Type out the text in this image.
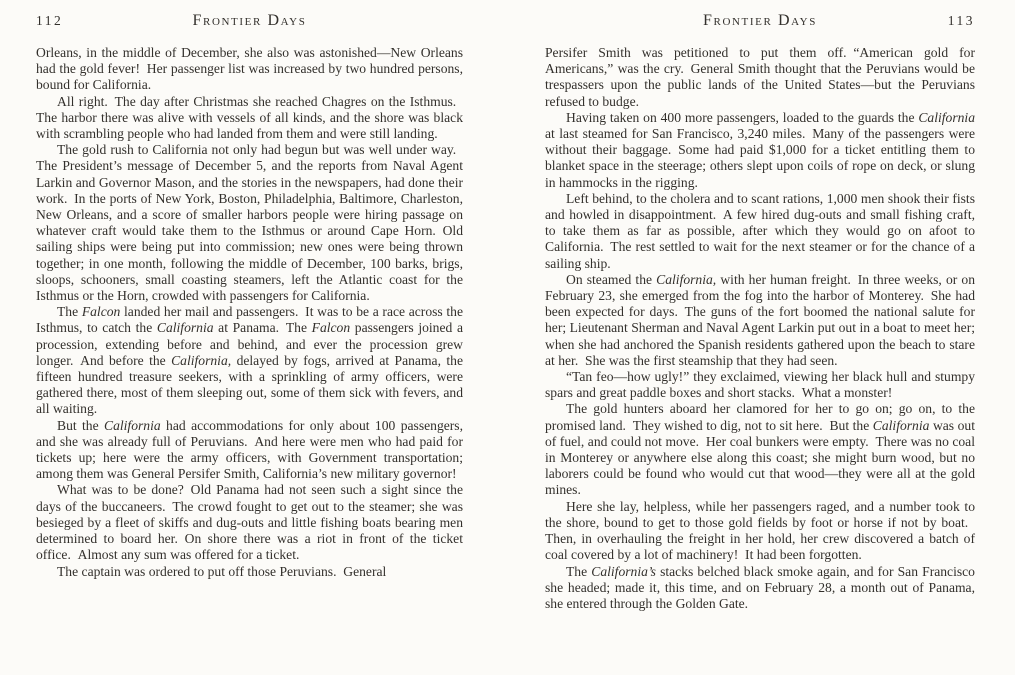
112	Frontier Days

Orleans, in the middle of December, she also was astonished—New Orleans had the gold fever! Her passenger list was increased by two hundred persons, bound for California.

All right. The day after Christmas she reached Chagres on the Isthmus. The harbor there was alive with vessels of all kinds, and the shore was black with scrambling people who had landed from them and were still landing.

The gold rush to California not only had begun but was well under way. The President’s message of December 5, and the reports from Naval Agent Larkin and Governor Mason, and the stories in the newspapers, had done their work. In the ports of New York, Boston, Philadelphia, Baltimore, Charleston, New Orleans, and a score of smaller harbors people were hiring passage on whatever craft would take them to the Isthmus or around Cape Horn. Old sailing ships were being put into commission; new ones were being thrown together; in one month, following the middle of December, 100 barks, brigs, sloops, schooners, small coasting steamers, left the Atlantic coast for the Isthmus or the Horn, crowded with passengers for California.

The Falcon landed her mail and passengers. It was to be a race across the Isthmus, to catch the California at Panama. The Falcon passengers joined a procession, extending before and behind, and ever the procession grew longer. And before the California, delayed by fogs, arrived at Panama, the fifteen hundred treasure seekers, with a sprinkling of army officers, were gathered there, most of them sleeping out, some of them sick with fevers, and all waiting.

But the California had accommodations for only about 100 passengers, and she was already full of Peruvians. And here were men who had paid for tickets up; here were the army officers, with Government transportation; among them was General Persifer Smith, California’s new military governor!

What was to be done? Old Panama had not seen such a sight since the days of the buccaneers. The crowd fought to get out to the steamer; she was besieged by a fleet of skiffs and dug-outs and little fishing boats bearing men determined to board her. On shore there was a riot in front of the ticket office. Almost any sum was offered for a ticket.

The captain was ordered to put off those Peruvians. General

Frontier Days	113

Persifer Smith was petitioned to put them off. “American gold for Americans,” was the cry. General Smith thought that the Peruvians would be trespassers upon the public lands of the United States—but the Peruvians refused to budge.

Having taken on 400 more passengers, loaded to the guards the California at last steamed for San Francisco, 3,240 miles. Many of the passengers were without their baggage. Some had paid $1,000 for a ticket entitling them to blanket space in the steerage; others slept upon coils of rope on deck, or slung in hammocks in the rigging.

Left behind, to the cholera and to scant rations, 1,000 men shook their fists and howled in disappointment. A few hired dug-outs and small fishing craft, to take them as far as possible, after which they would go on afoot to California. The rest settled to wait for the next steamer or for the chance of a sailing ship.

On steamed the California, with her human freight. In three weeks, or on February 23, she emerged from the fog into the harbor of Monterey. She had been expected for days. The guns of the fort boomed the national salute for her; Lieutenant Sherman and Naval Agent Larkin put out in a boat to meet her; when she had anchored the Spanish residents gathered upon the beach to stare at her. She was the first steamship that they had seen.

“Tan feo—how ugly!” they exclaimed, viewing her black hull and stumpy spars and great paddle boxes and short stacks. What a monster!

The gold hunters aboard her clamored for her to go on; go on, to the promised land. They wished to dig, not to sit here. But the California was out of fuel, and could not move. Her coal bunkers were empty. There was no coal in Monterey or anywhere else along this coast; she might burn wood, but no laborers could be found who would cut that wood—they were all at the gold mines.

Here she lay, helpless, while her passengers raged, and a number took to the shore, bound to get to those gold fields by foot or horse if not by boat. Then, in overhauling the freight in her hold, her crew discovered a batch of coal covered by a lot of machinery! It had been forgotten.

The California’s stacks belched black smoke again, and for San Francisco she headed; made it, this time, and on February 28, a month out of Panama, she entered through the Golden Gate.
